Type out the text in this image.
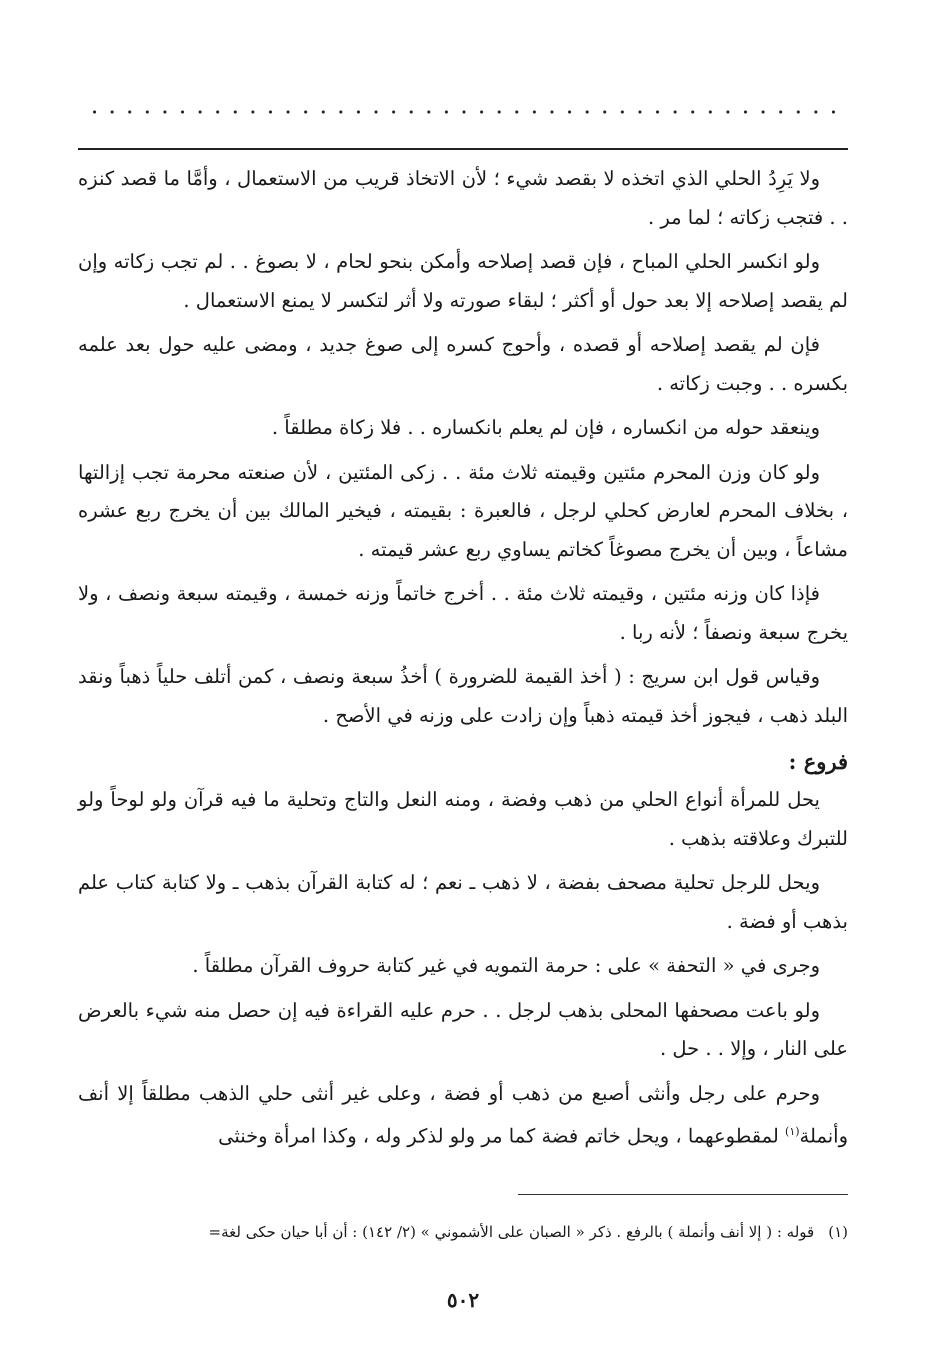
ولا يَرِدُ الحلي الذي اتخذه لا بقصد شيء ؛ لأن الاتخاذ قريب من الاستعمال ، وأمَّا ما قصد كنزه . . فتجب زكاته ؛ لما مر .

ولو انكسر الحلي المباح ، فإن قصد إصلاحه وأمكن بنحو لحام ، لا بصوغ . . لم تجب زكاته وإن لم يقصد إصلاحه إلا بعد حول أو أكثر ؛ لبقاء صورته ولا أثر لتكسر لا يمنع الاستعمال .

فإن لم يقصد إصلاحه أو قصده ، وأحوج كسره إلى صوغ جديد ، ومضى عليه حول بعد علمه بكسره . . وجبت زكاته .

وينعقد حوله من انكساره ، فإن لم يعلم بانكساره . . فلا زكاة مطلقاً .

ولو كان وزن المحرم مئتين وقيمته ثلاث مئة . . زكى المئتين ، لأن صنعته محرمة تجب إزالتها ، بخلاف المحرم لعارض كحلي لرجل ، فالعبرة : بقيمته ، فيخير المالك بين أن يخرج ربع عشره مشاعاً ، وبين أن يخرج مصوغاً كخاتم يساوي ربع عشر قيمته .

فإذا كان وزنه مئتين ، وقيمته ثلاث مئة . . أخرج خاتماً وزنه خمسة ، وقيمته سبعة ونصف ، ولا يخرج سبعة ونصفاً ؛ لأنه ربا .

وقياس قول ابن سريج : ( أخذ القيمة للضرورة ) أخذُ سبعة ونصف ، كمن أتلف حلياً ذهباً ونقد البلد ذهب ، فيجوز أخذ قيمته ذهباً وإن زادت على وزنه في الأصح .

فروع :

يحل للمرأة أنواع الحلي من ذهب وفضة ، ومنه النعل والتاج وتحلية ما فيه قرآن ولو لوحاً ولو للتبرك وعلاقته بذهب .

ويحل للرجل تحلية مصحف بفضة ، لا ذهب ـ نعم ؛ له كتابة القرآن بذهب ـ ولا كتابة كتاب علم بذهب أو فضة .

وجرى في « التحفة » على : حرمة التمويه في غير كتابة حروف القرآن مطلقاً .

ولو باعت مصحفها المحلى بذهب لرجل . . حرم عليه القراءة فيه إن حصل منه شيء بالعرض على النار ، وإلا . . حل .

وحرم على رجل وأنثى أصبع من ذهب أو فضة ، وعلى غير أنثى حلي الذهب مطلقاً إلا أنف وأنملة$^{(١)}$ لمقطوعهما ، ويحل خاتم فضة كما مر ولو لذكر وله ، وكذا امرأة وخنثى

(١)قوله : ( إلا أنف وأنملة ) بالرفع . ذكر « الصبان على الأشموني » (٢/ ١٤٢) : أن أبا حيان حكى لغة=
٥٠٢
